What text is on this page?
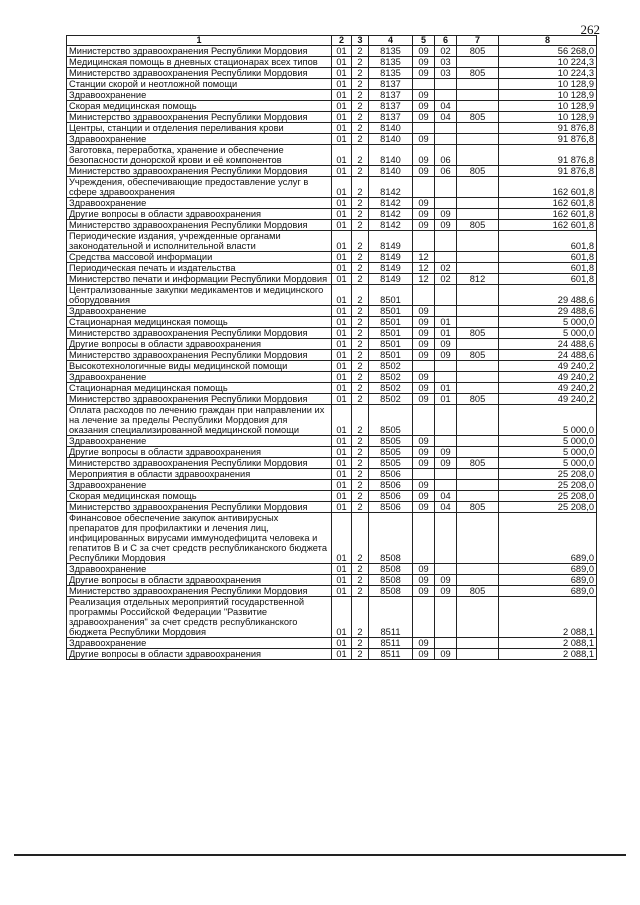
262
1	2	3	4	5	6	7	8
Министерство здравоохранения Республики Мордовия	01	2	8135	09	02	805	56 268,0
Медицинская помощь в дневных стационарах всех типов	01	2	8135	09	03		10 224,3
Министерство здравоохранения Республики Мордовия	01	2	8135	09	03	805	10 224,3
Станции скорой и неотложной помощи	01	2	8137				10 128,9
Здравоохранение	01	2	8137	09			10 128,9
Скорая медицинская помощь	01	2	8137	09	04		10 128,9
Министерство здравоохранения Республики Мордовия	01	2	8137	09	04	805	10 128,9
Центры, станции и отделения переливания крови	01	2	8140				91 876,8
Здравоохранение	01	2	8140	09			91 876,8
Заготовка, переработка, хранение и обеспечение безопасности донорской крови и её компонентов	01	2	8140	09	06		91 876,8
Министерство здравоохранения Республики Мордовия	01	2	8140	09	06	805	91 876,8
Учреждения, обеспечивающие предоставление услуг в сфере здравоохранения	01	2	8142				162 601,8
Здравоохранение	01	2	8142	09			162 601,8
Другие вопросы в области здравоохранения	01	2	8142	09	09		162 601,8
Министерство здравоохранения Республики Мордовия	01	2	8142	09	09	805	162 601,8
Периодические издания, учрежденные органами законодательной и исполнительной власти	01	2	8149				601,8
Средства массовой информации	01	2	8149	12			601,8
Периодическая печать и издательства	01	2	8149	12	02		601,8
Министерство печати и информации Республики Мордовия	01	2	8149	12	02	812	601,8
Централизованные закупки медикаментов и медицинского оборудования	01	2	8501				29 488,6
Здравоохранение	01	2	8501	09			29 488,6
Стационарная медицинская помощь	01	2	8501	09	01		5 000,0
Министерство здравоохранения Республики Мордовия	01	2	8501	09	01	805	5 000,0
Другие вопросы в области здравоохранения	01	2	8501	09	09		24 488,6
Министерство здравоохранения Республики Мордовия	01	2	8501	09	09	805	24 488,6
Высокотехнологичные виды медицинской помощи	01	2	8502				49 240,2
Здравоохранение	01	2	8502	09			49 240,2
Стационарная медицинская помощь	01	2	8502	09	01		49 240,2
Министерство здравоохранения Республики Мордовия	01	2	8502	09	01	805	49 240,2
Оплата расходов по лечению граждан при направлении их на лечение за пределы Республики Мордовия для оказания специализированной медицинской помощи	01	2	8505				5 000,0
Здравоохранение	01	2	8505	09			5 000,0
Другие вопросы в области здравоохранения	01	2	8505	09	09		5 000,0
Министерство здравоохранения Республики Мордовия	01	2	8505	09	09	805	5 000,0
Мероприятия в области здравоохранения	01	2	8506				25 208,0
Здравоохранение	01	2	8506	09			25 208,0
Скорая медицинская помощь	01	2	8506	09	04		25 208,0
Министерство здравоохранения Республики Мордовия	01	2	8506	09	04	805	25 208,0
Финансовое обеспечение закупок антивирусных препаратов для профилактики и лечения лиц, инфицированных вирусами иммунодефицита человека и гепатитов В и С за счет средств республиканского бюджета Республики Мордовия	01	2	8508				689,0
Здравоохранение	01	2	8508	09			689,0
Другие вопросы в области здравоохранения	01	2	8508	09	09		689,0
Министерство здравоохранения Республики Мордовия	01	2	8508	09	09	805	689,0
Реализация отдельных мероприятий государственной программы Российской Федерации "Развитие здравоохранения" за счет средств республиканского бюджета Республики Мордовия	01	2	8511				2 088,1
Здравоохранение	01	2	8511	09			2 088,1
Другие вопросы в области здравоохранения	01	2	8511	09	09		2 088,1
